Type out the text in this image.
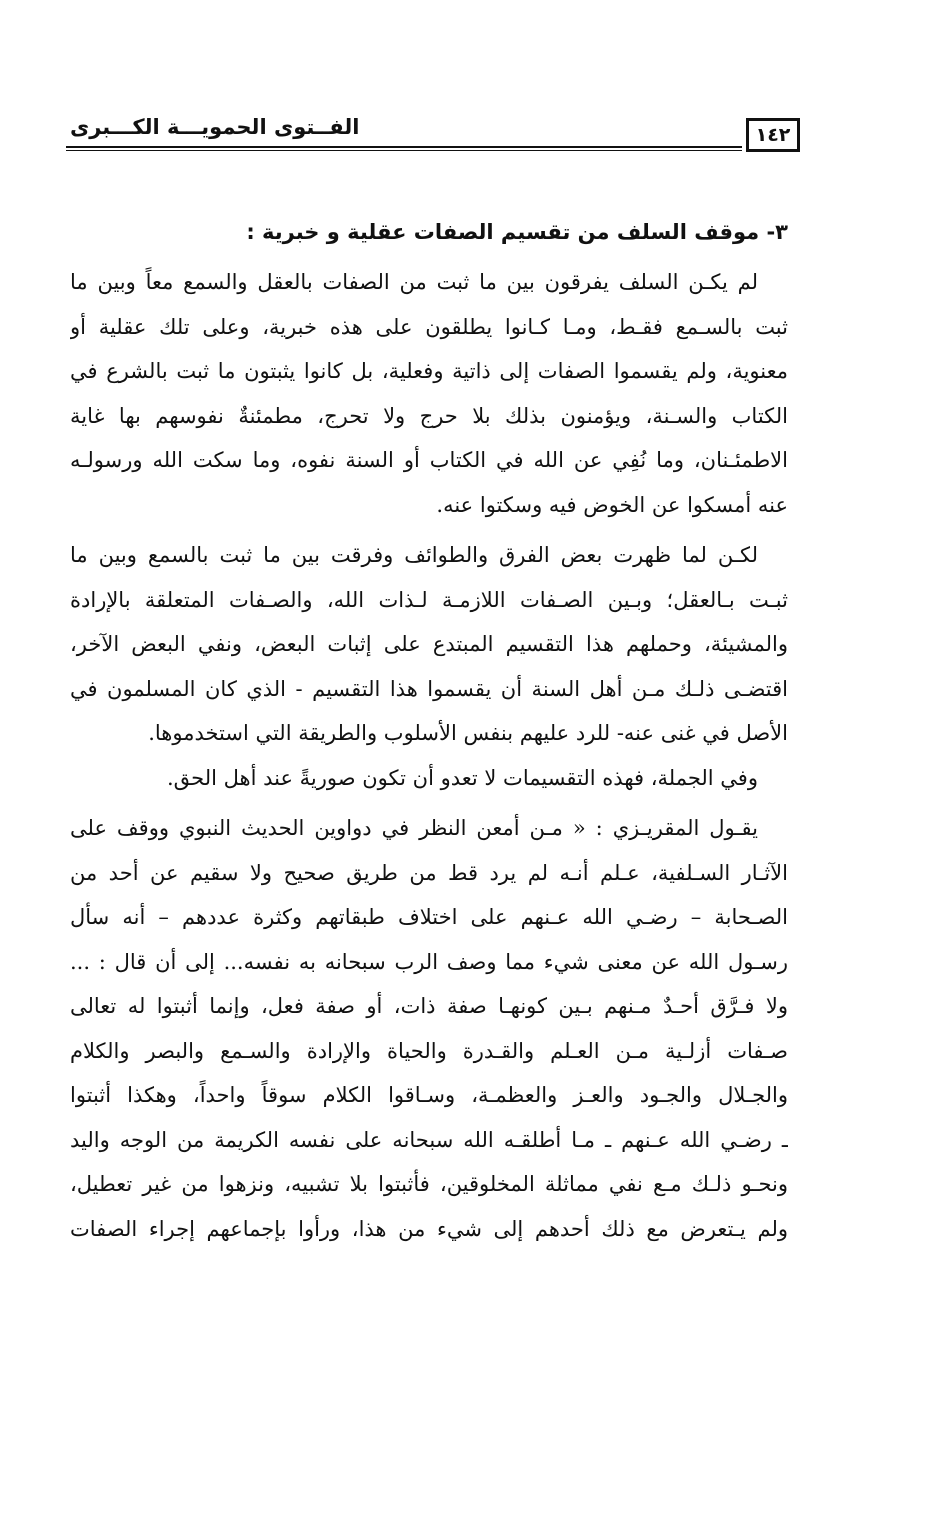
الفــتوى الحمويـــة الكـــبرى	١٤٢
٣- موقف السلف من تقسيم الصفات عقلية و خبرية :
لم يكـن السلف يفرقون بين ما ثبت من الصفات بالعقل والسمع معاً وبين ما
ثبت بالسـمع فقـط، ومـا كـانوا يطلقون على هذه خبرية، وعلى تلك عقلية أو
معنوية، ولم يقسموا الصفات إلى ذاتية وفعلية، بل كانوا يثبتون ما ثبت بالشرع في
الكتاب والسـنة، ويؤمنون بذلك بلا حرج ولا تحرج، مطمئنةٌ نفوسهم بها غاية
الاطمئـنان، وما نُفِي عن الله في الكتاب أو السنة نفوه، وما سكت الله ورسولـه
عنه أمسكوا عن الخوض فيه وسكتوا عنه.
لكـن لما ظهرت بعض الفرق والطوائف وفرقت بين ما ثبت بالسمع وبين ما
ثبـت بـالعقل؛ وبـين الصـفات اللازمـة لـذات الله، والصـفات المتعلقة بالإرادة
والمشيئة، وحملهم هذا التقسيم المبتدع على إثبات البعض، ونفي البعض الآخر،
اقتضـى ذلـك مـن أهل السنة أن يقسموا هذا التقسيم - الذي كان المسلمون في
الأصل في غنى عنه- للرد عليهم بنفس الأسلوب والطريقة التي استخدموها.
وفي الجملة، فهذه التقسيمات لا تعدو أن تكون صوريةً عند أهل الحق.
يقـول المقريـزي : « مـن أمعن النظر في دواوين الحديث النبوي ووقف على
الآثـار السـلفية، عـلم أنـه لم يرد قط من طريق صحيح ولا سقيم عن أحد من
الصـحابة – رضـي الله عـنهم على اختلاف طبقاتهم وكثرة عددهم – أنه سأل
رسـول الله عن معنى شيء مما وصف الرب سبحانه به نفسه... إلى أن قال : ...
ولا فـرَّق أحـدٌ مـنهم بـين كونهـا صفة ذات، أو صفة فعل، وإنما أثبتوا له تعالى
صـفات أزلـية مـن العـلم والقـدرة والحياة والإرادة والسـمع والبصر والكلام
والجـلال والجـود والعـز والعظمـة، وسـاقوا الكلام سوقاً واحداً، وهكذا أثبتوا
ـ رضـي الله عـنهم ـ مـا أطلقـه الله سبحانه على نفسه الكريمة من الوجه واليد
ونحـو ذلـك مـع نفي مماثلة المخلوقين، فأثبتوا بلا تشبيه، ونزهوا من غير تعطيل،
ولم يـتعرض مع ذلك أحدهم إلى شيء من هذا، ورأوا بإجماعهم إجراء الصفات
